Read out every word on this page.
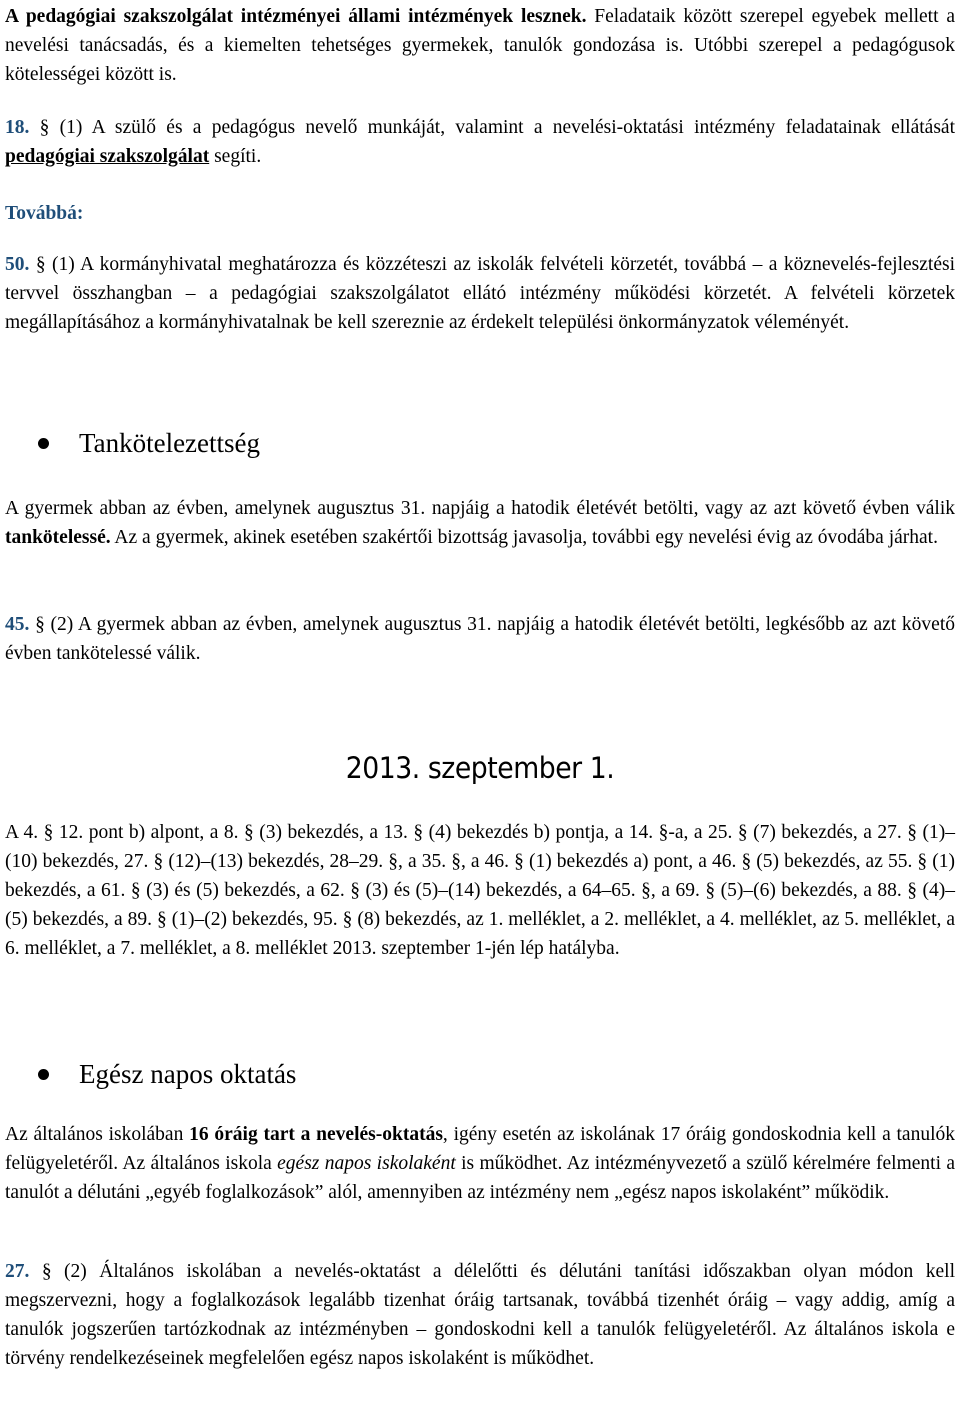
A pedagógiai szakszolgálat intézményei állami intézmények lesznek. Feladataik között szerepel egyebek mellett a nevelési tanácsadás, és a kiemelten tehetséges gyermekek, tanulók gondozása is. Utóbbi szerepel a pedagógusok kötelességei között is.

18. § (1) A szülő és a pedagógus nevelő munkáját, valamint a nevelési-oktatási intézmény feladatainak ellátását pedagógiai szakszolgálat segíti.

Továbbá:

50. § (1) A kormányhivatal meghatározza és közzéteszi az iskolák felvételi körzetét, továbbá – a köznevelés-fejlesztési tervvel összhangban – a pedagógiai szakszolgálatot ellátó intézmény működési körzetét. A felvételi körzetek megállapításához a kormányhivatalnak be kell szereznie az érdekelt települési önkormányzatok véleményét.

Tankötelezettség

A gyermek abban az évben, amelynek augusztus 31. napjáig a hatodik életévét betölti, vagy az azt követő évben válik tankötelessé. Az a gyermek, akinek esetében szakértői bizottság javasolja, további egy nevelési évig az óvodába járhat.

45. § (2) A gyermek abban az évben, amelynek augusztus 31. napjáig a hatodik életévét betölti, legkésőbb az azt követő évben tankötelessé válik.

2013. szeptember 1.

A 4. § 12. pont b) alpont, a 8. § (3) bekezdés, a 13. § (4) bekezdés b) pontja, a 14. §-a, a 25. § (7) bekezdés, a 27. § (1)–(10) bekezdés, 27. § (12)–(13) bekezdés, 28–29. §, a 35. §, a 46. § (1) bekezdés a) pont, a 46. § (5) bekezdés, az 55. § (1) bekezdés, a 61. § (3) és (5) bekezdés, a 62. § (3) és (5)–(14) bekezdés, a 64–65. §, a 69. § (5)–(6) bekezdés, a 88. § (4)–(5) bekezdés, a 89. § (1)–(2) bekezdés, 95. § (8) bekezdés, az 1. melléklet, a 2. melléklet, a 4. melléklet, az 5. melléklet, a 6. melléklet, a 7. melléklet, a 8. melléklet 2013. szeptember 1-jén lép hatályba.

Egész napos oktatás

Az általános iskolában 16 óráig tart a nevelés-oktatás, igény esetén az iskolának 17 óráig gondoskodnia kell a tanulók felügyeletéről. Az általános iskola egész napos iskolaként is működhet. Az intézményvezető a szülő kérelmére felmenti a tanulót a délutáni „egyéb foglalkozások” alól, amennyiben az intézmény nem „egész napos iskolaként” működik.

27. § (2) Általános iskolában a nevelés-oktatást a délelőtti és délutáni tanítási időszakban olyan módon kell megszervezni, hogy a foglalkozások legalább tizenhat óráig tartsanak, továbbá tizenhét óráig – vagy addig, amíg a tanulók jogszerűen tartózkodnak az intézményben – gondoskodni kell a tanulók felügyeletéről. Az általános iskola e törvény rendelkezéseinek megfelelően egész napos iskolaként is működhet.
